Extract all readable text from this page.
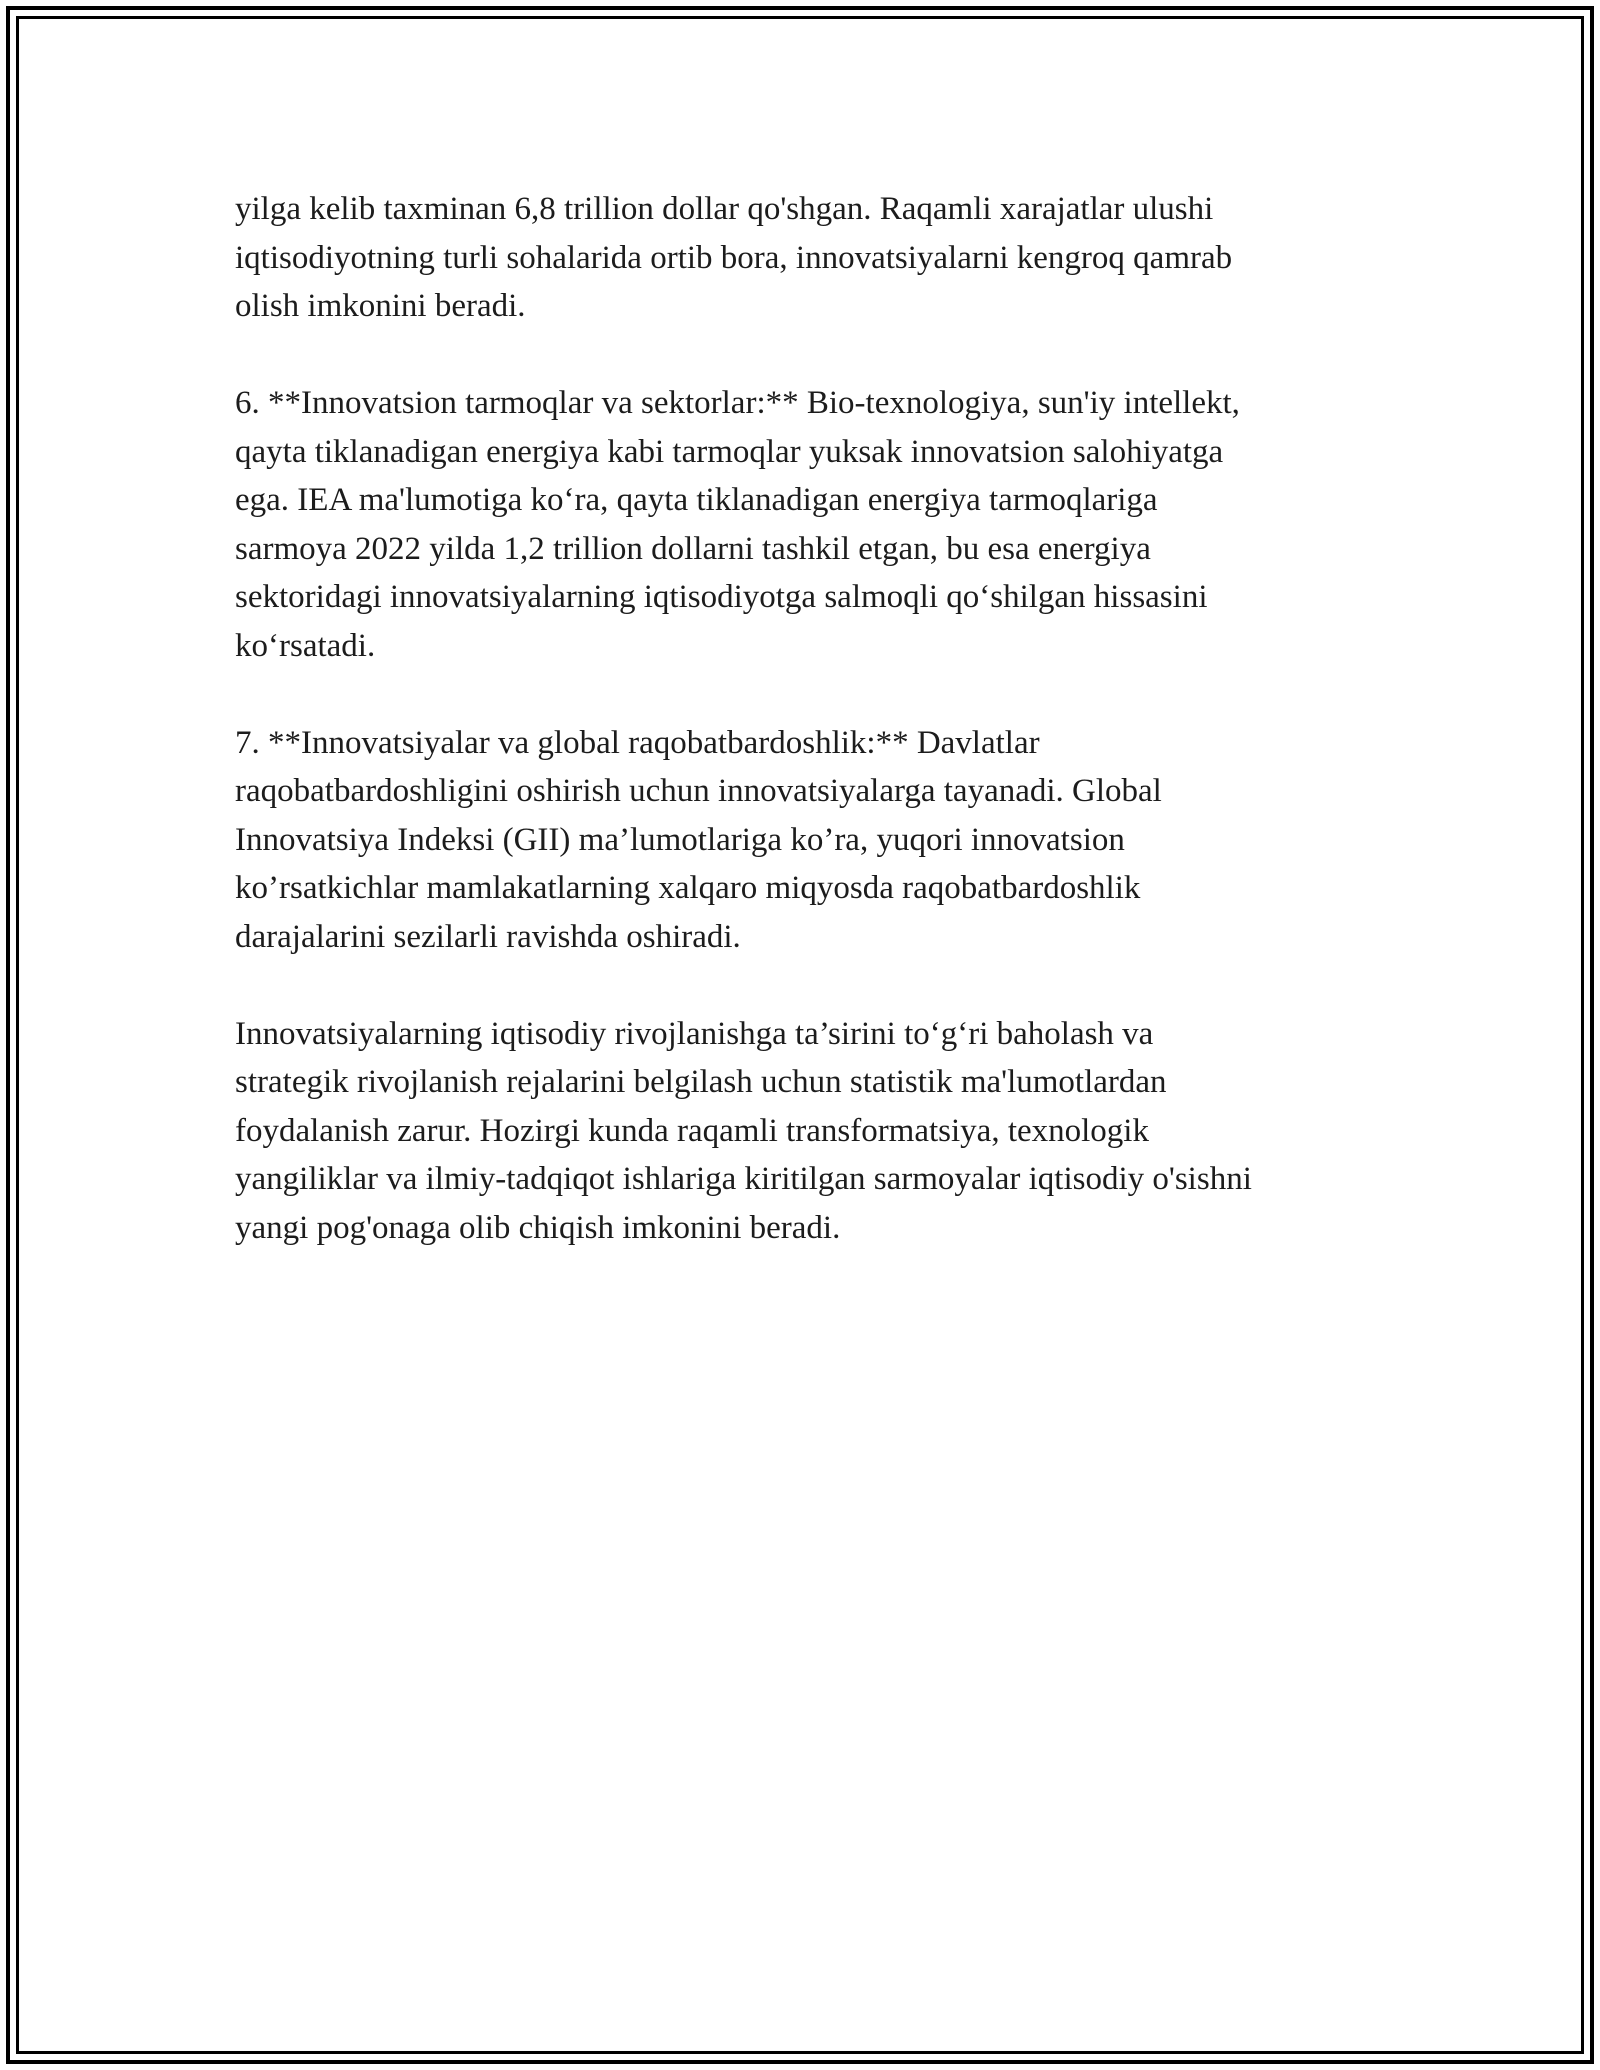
yilga kelib taxminan 6,8 trillion dollar qo'shgan. Raqamli xarajatlar ulushi
iqtisodiyotning turli sohalarida ortib bora, innovatsiyalarni kengroq qamrab
olish imkonini beradi.

6. **Innovatsion tarmoqlar va sektorlar:** Bio-texnologiya, sun'iy intellekt,
qayta tiklanadigan energiya kabi tarmoqlar yuksak innovatsion salohiyatga
ega. IEA ma'lumotiga ko‘ra, qayta tiklanadigan energiya tarmoqlariga
sarmoya 2022 yilda 1,2 trillion dollarni tashkil etgan, bu esa energiya
sektoridagi innovatsiyalarning iqtisodiyotga salmoqli qo‘shilgan hissasini
ko‘rsatadi.

7. **Innovatsiyalar va global raqobatbardoshlik:** Davlatlar
raqobatbardoshligini oshirish uchun innovatsiyalarga tayanadi. Global
Innovatsiya Indeksi (GII) ma’lumotlariga ko’ra, yuqori innovatsion
ko’rsatkichlar mamlakatlarning xalqaro miqyosda raqobatbardoshlik
darajalarini sezilarli ravishda oshiradi.

Innovatsiyalarning iqtisodiy rivojlanishga ta’sirini to‘g‘ri baholash va
strategik rivojlanish rejalarini belgilash uchun statistik ma'lumotlardan
foydalanish zarur. Hozirgi kunda raqamli transformatsiya, texnologik
yangiliklar va ilmiy-tadqiqot ishlariga kiritilgan sarmoyalar iqtisodiy o'sishni
yangi pog'onaga olib chiqish imkonini beradi.
